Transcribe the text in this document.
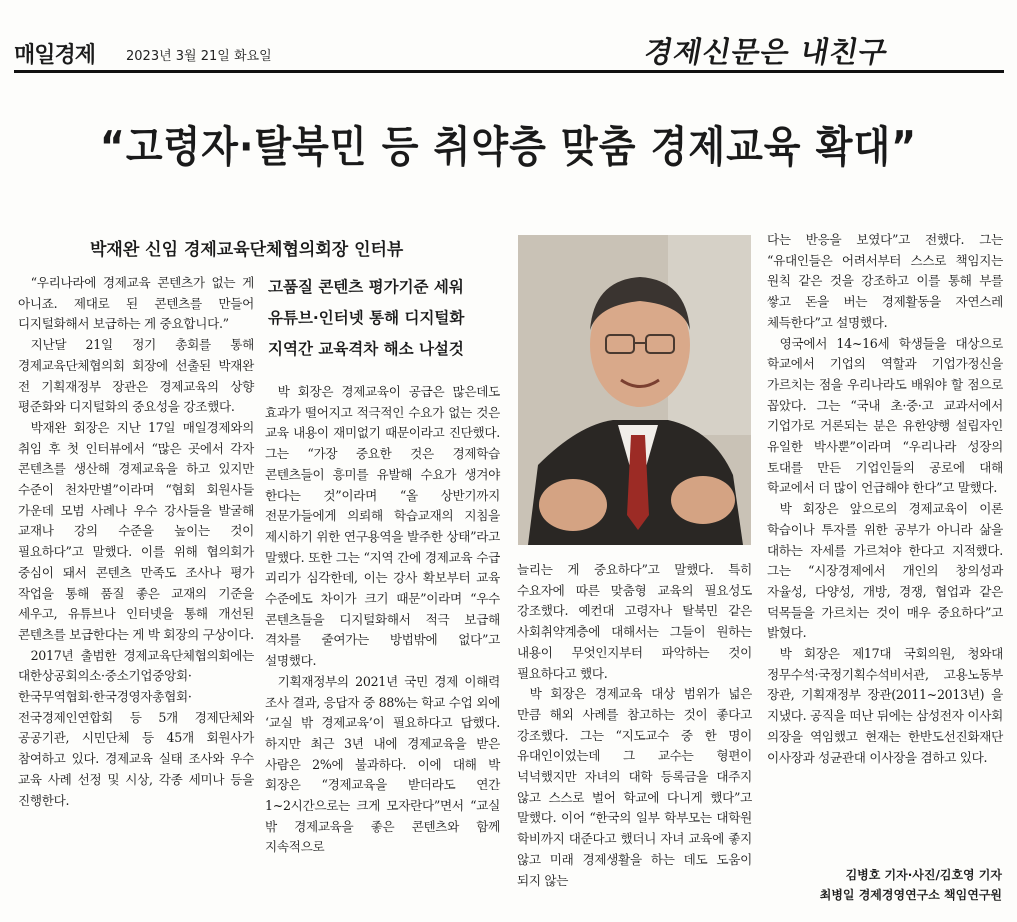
매일경제 2023년 3월 21일 화요일	경제신문은 내친구
“고령자·탈북민 등 취약층 맞춤 경제교육 확대”
박재완 신임 경제교육단체협의회장 인터뷰

“우리나라에 경제교육 콘텐츠가 없는 게 아니죠. 제대로 된 콘텐츠를 만들어 디지털화해서 보급하는 게 중요합니다.”

지난달 21일 정기 총회를 통해 경제교육단체협의회 회장에 선출된 박재완 전 기획재정부 장관은 경제교육의 상향 평준화와 디지털화의 중요성을 강조했다.

박재완 회장은 지난 17일 매일경제와의 취임 후 첫 인터뷰에서 “많은 곳에서 각자 콘텐츠를 생산해 경제교육을 하고 있지만 수준이 천차만별”이라며 “협회 회원사들 가운데 모범 사례나 우수 강사들을 발굴해 교재나 강의 수준을 높이는 것이 필요하다”고 말했다. 이를 위해 협의회가 중심이 돼서 콘텐츠 만족도 조사나 평가 작업을 통해 품질 좋은 교재의 기준을 세우고, 유튜브나 인터넷을 통해 개선된 콘텐츠를 보급한다는 게 박 회장의 구상이다.

2017년 출범한 경제교육단체협의회에는 대한상공회의소·중소기업중앙회·한국무역협회·한국경영자총협회·전국경제인연합회 등 5개 경제단체와 공공기관, 시민단체 등 45개 회원사가 참여하고 있다. 경제교육 실태 조사와 우수 교육 사례 선정 및 시상, 각종 세미나 등을 진행한다.

고품질 콘텐츠 평가기준 세워
유튜브·인터넷 통해 디지털화
지역간 교육격차 해소 나설것

박 회장은 경제교육이 공급은 많은데도 효과가 떨어지고 적극적인 수요가 없는 것은 교육 내용이 재미없기 때문이라고 진단했다. 그는 “가장 중요한 것은 경제학습 콘텐츠들이 흥미를 유발해 수요가 생겨야 한다는 것”이라며 “올 상반기까지 전문가들에게 의뢰해 학습교재의 지침을 제시하기 위한 연구용역을 발주한 상태”라고 말했다. 또한 그는 “지역 간에 경제교육 수급 괴리가 심각한데, 이는 강사 확보부터 교육 수준에도 차이가 크기 때문”이라며 “우수 콘텐츠들을 디지털화해서 적극 보급해 격차를 줄여가는 방법밖에 없다”고 설명했다.

기획재정부의 2021년 국민 경제 이해력 조사 결과, 응답자 중 88%는 학교 수업 외에 ‘교실 밖 경제교육’이 필요하다고 답했다. 하지만 최근 3년 내에 경제교육을 받은 사람은 2%에 불과하다. 이에 대해 박 회장은 “경제교육을 받더라도 연간 1~2시간으로는 크게 모자란다”면서 “교실 밖 경제교육을 좋은 콘텐츠와 함께 지속적으로

늘리는 게 중요하다”고 말했다. 특히 수요자에 따른 맞춤형 교육의 필요성도 강조했다. 예컨대 고령자나 탈북민 같은 사회취약계층에 대해서는 그들이 원하는 내용이 무엇인지부터 파악하는 것이 필요하다고 했다.

박 회장은 경제교육 대상 범위가 넓은 만큼 해외 사례를 참고하는 것이 좋다고 강조했다. 그는 “지도교수 중 한 명이 유대인이었는데 그 교수는 형편이 넉넉했지만 자녀의 대학 등록금을 대주지 않고 스스로 벌어 학교에 다니게 했다”고 말했다. 이어 “한국의 일부 학부모는 대학원 학비까지 대준다고 했더니 자녀 교육에 좋지 않고 미래 경제생활을 하는 데도 도움이 되지 않는

다는 반응을 보였다”고 전했다. 그는 “유대인들은 어려서부터 스스로 책임지는 원칙 같은 것을 강조하고 이를 통해 부를 쌓고 돈을 버는 경제활동을 자연스레 체득한다”고 설명했다.

영국에서 14~16세 학생들을 대상으로 학교에서 기업의 역할과 기업가정신을 가르치는 점을 우리나라도 배워야 할 점으로 꼽았다. 그는 “국내 초·중·고 교과서에서 기업가로 거론되는 분은 유한양행 설립자인 유일한 박사뿐”이라며 “우리나라 성장의 토대를 만든 기업인들의 공로에 대해 학교에서 더 많이 언급해야 한다”고 말했다.

박 회장은 앞으로의 경제교육이 이론 학습이나 투자를 위한 공부가 아니라 삶을 대하는 자세를 가르쳐야 한다고 지적했다. 그는 “시장경제에서 개인의 창의성과 자율성, 다양성, 개방, 경쟁, 협업과 같은 덕목들을 가르치는 것이 매우 중요하다”고 밝혔다.

박 회장은 제17대 국회의원, 청와대 정무수석·국정기획수석비서관, 고용노동부 장관, 기획재정부 장관(2011~2013년) 을 지냈다. 공직을 떠난 뒤에는 삼성전자 이사회 의장을 역임했고 현재는 한반도선진화재단 이사장과 성균관대 이사장을 겸하고 있다.

김병호 기자·사진/김호영 기자
최병일 경제경영연구소 책임연구원
